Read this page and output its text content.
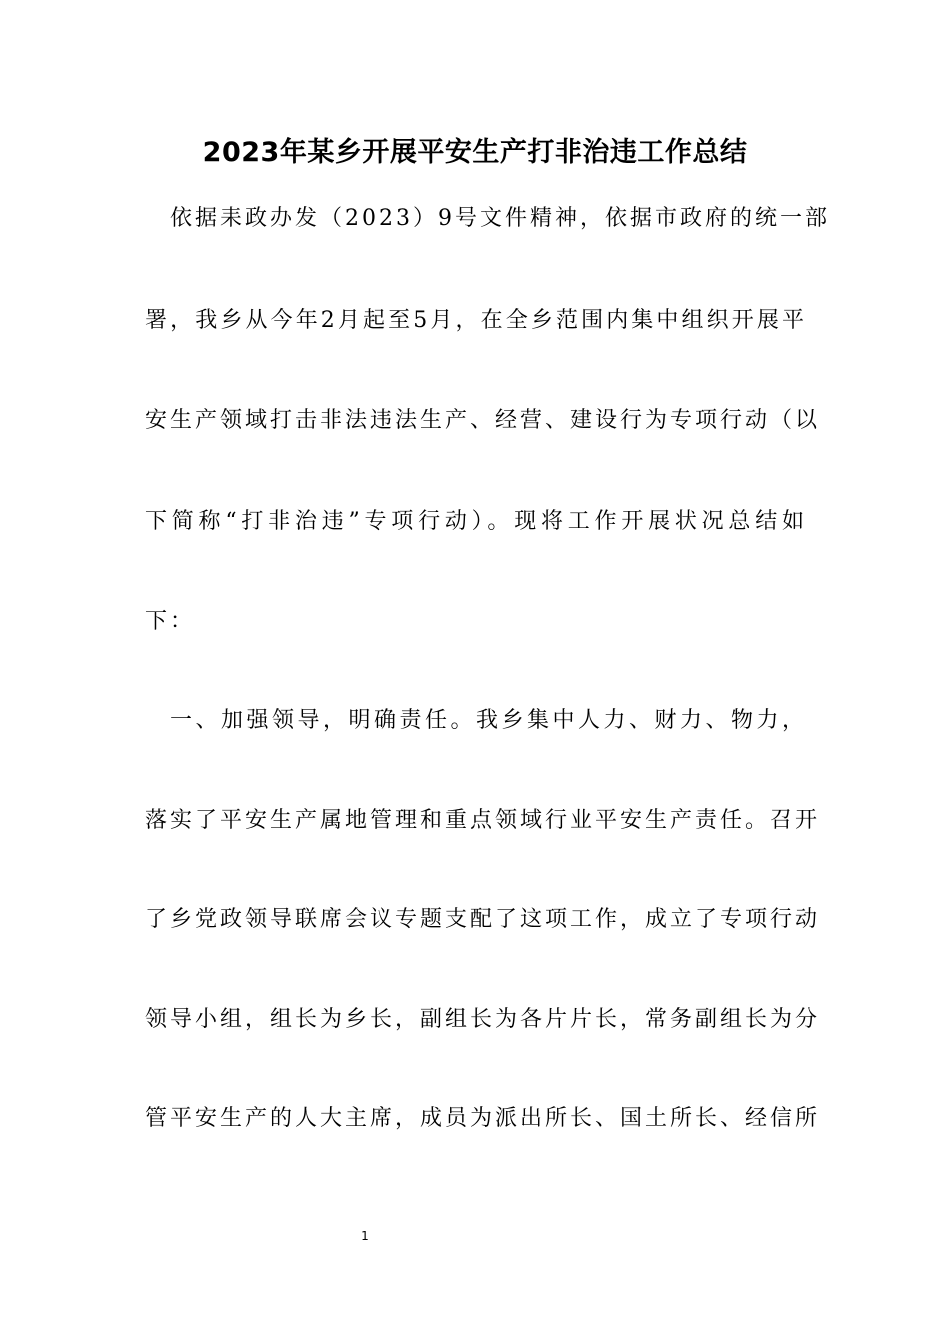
2023年某乡开展平安生产打非治违工作总结
依据耒政办发（2023）9号文件精神，依据市政府的统一部
署，我乡从今年2月起至5月，在全乡范围内集中组织开展平
安生产领域打击非法违法生产、经营、建设行为专项行动（以
下简称“打非治违”专项行动）。现将工作开展状况总结如
下：
一、加强领导，明确责任。我乡集中人力、财力、物力，
落实了平安生产属地管理和重点领域行业平安生产责任。召开
了乡党政领导联席会议专题支配了这项工作，成立了专项行动
领导小组，组长为乡长，副组长为各片片长，常务副组长为分
管平安生产的人大主席，成员为派出所长、国土所长、经信所
1
